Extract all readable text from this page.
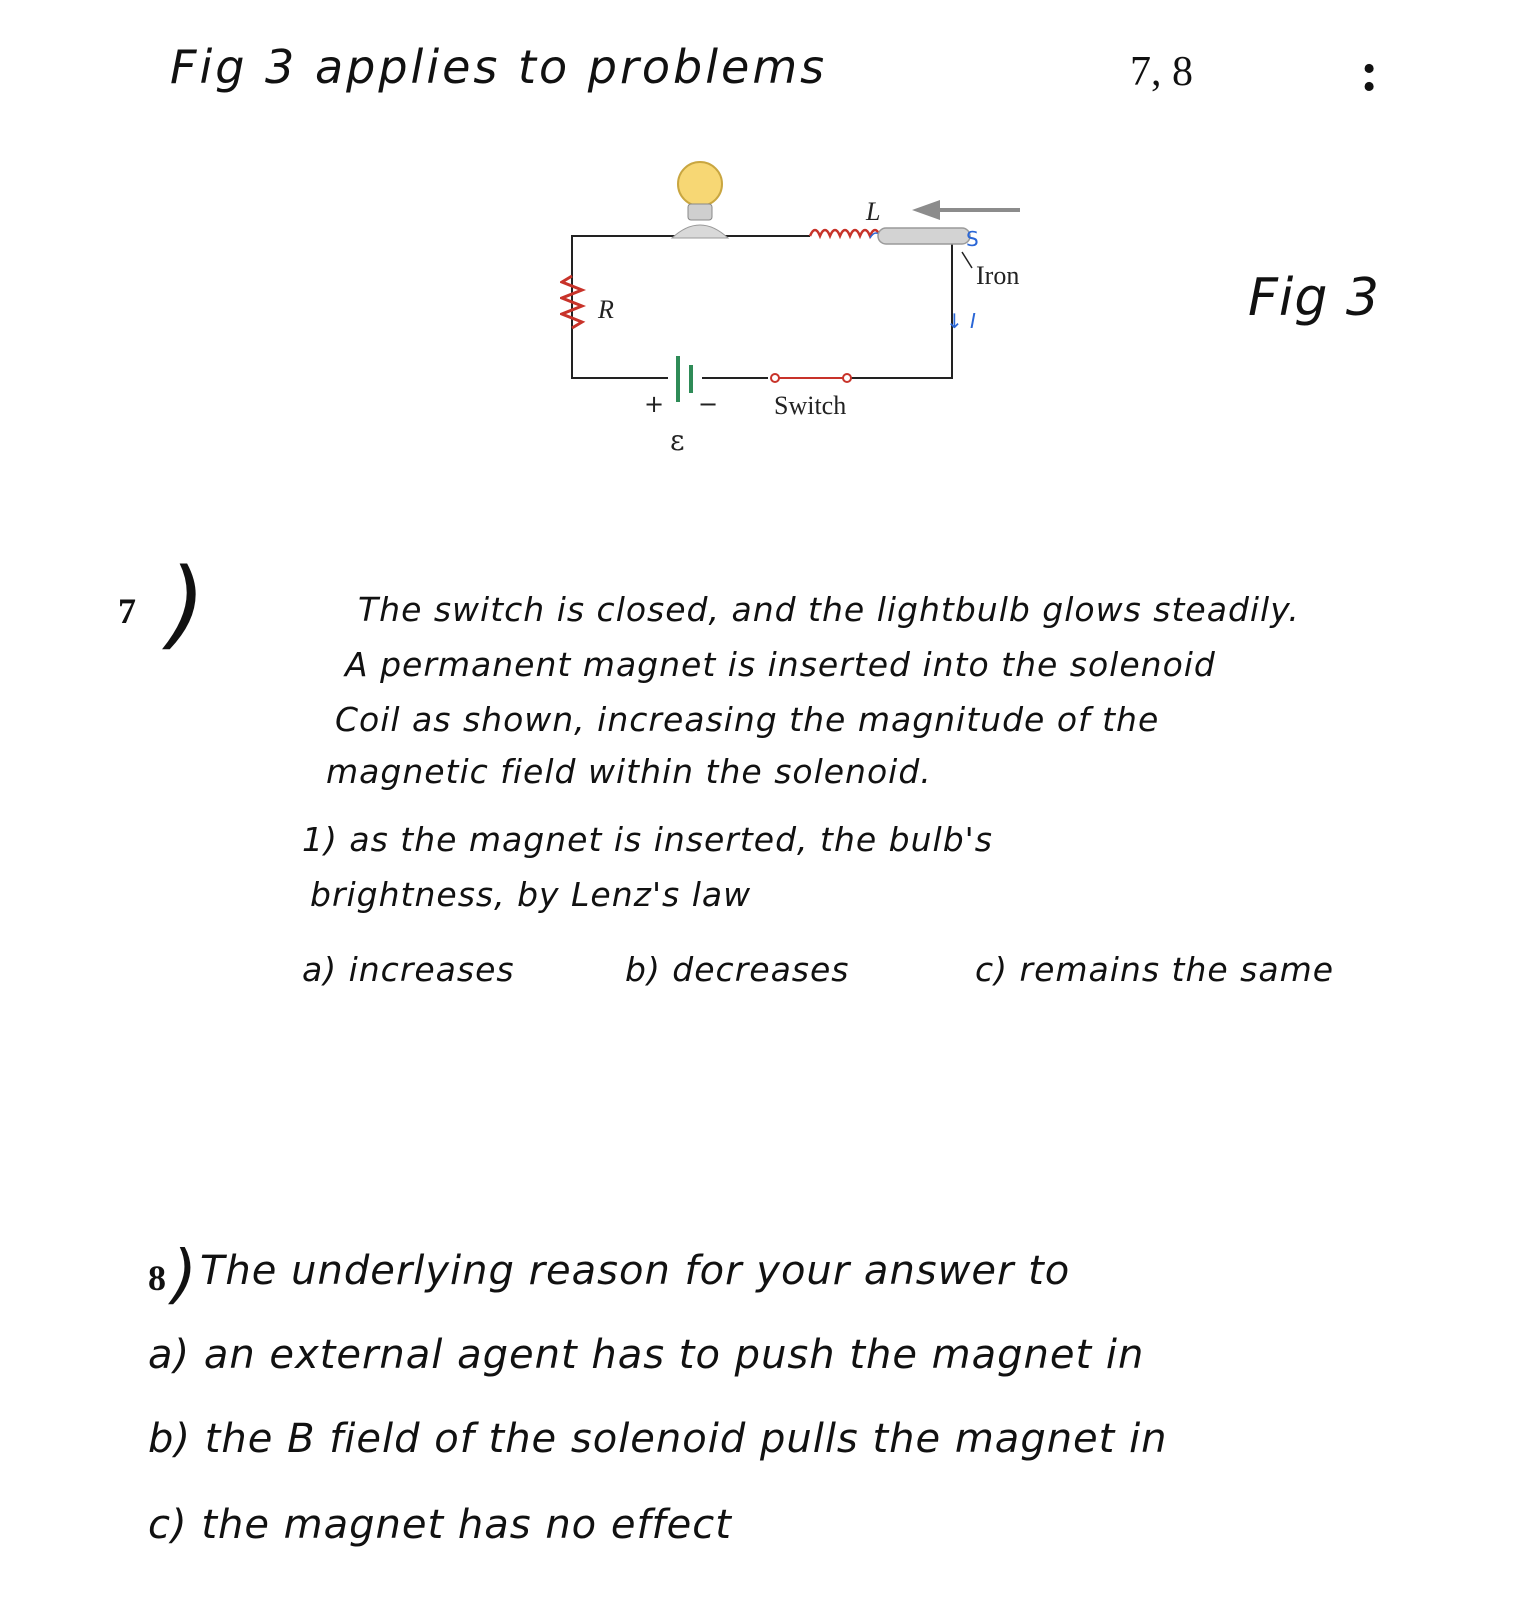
Fig 3 applies to problems	7, 8	:
S
L
Iron
↓ I
R
+ −
ε
Switch
Fig 3
7 )	The switch is closed, and the lightbulb glows steadily.
A permanent magnet is inserted into the solenoid
Coil as shown, increasing the magnitude of the
magnetic field within the solenoid.
1) as the magnet is inserted, the bulb's
brightness, by Lenz's law
a) increases	b) decreases	c) remains the same
8 ) The underlying reason for your answer to
a) an external agent has to push the magnet in
b) the B field of the solenoid pulls the magnet in
c) the magnet has no effect
